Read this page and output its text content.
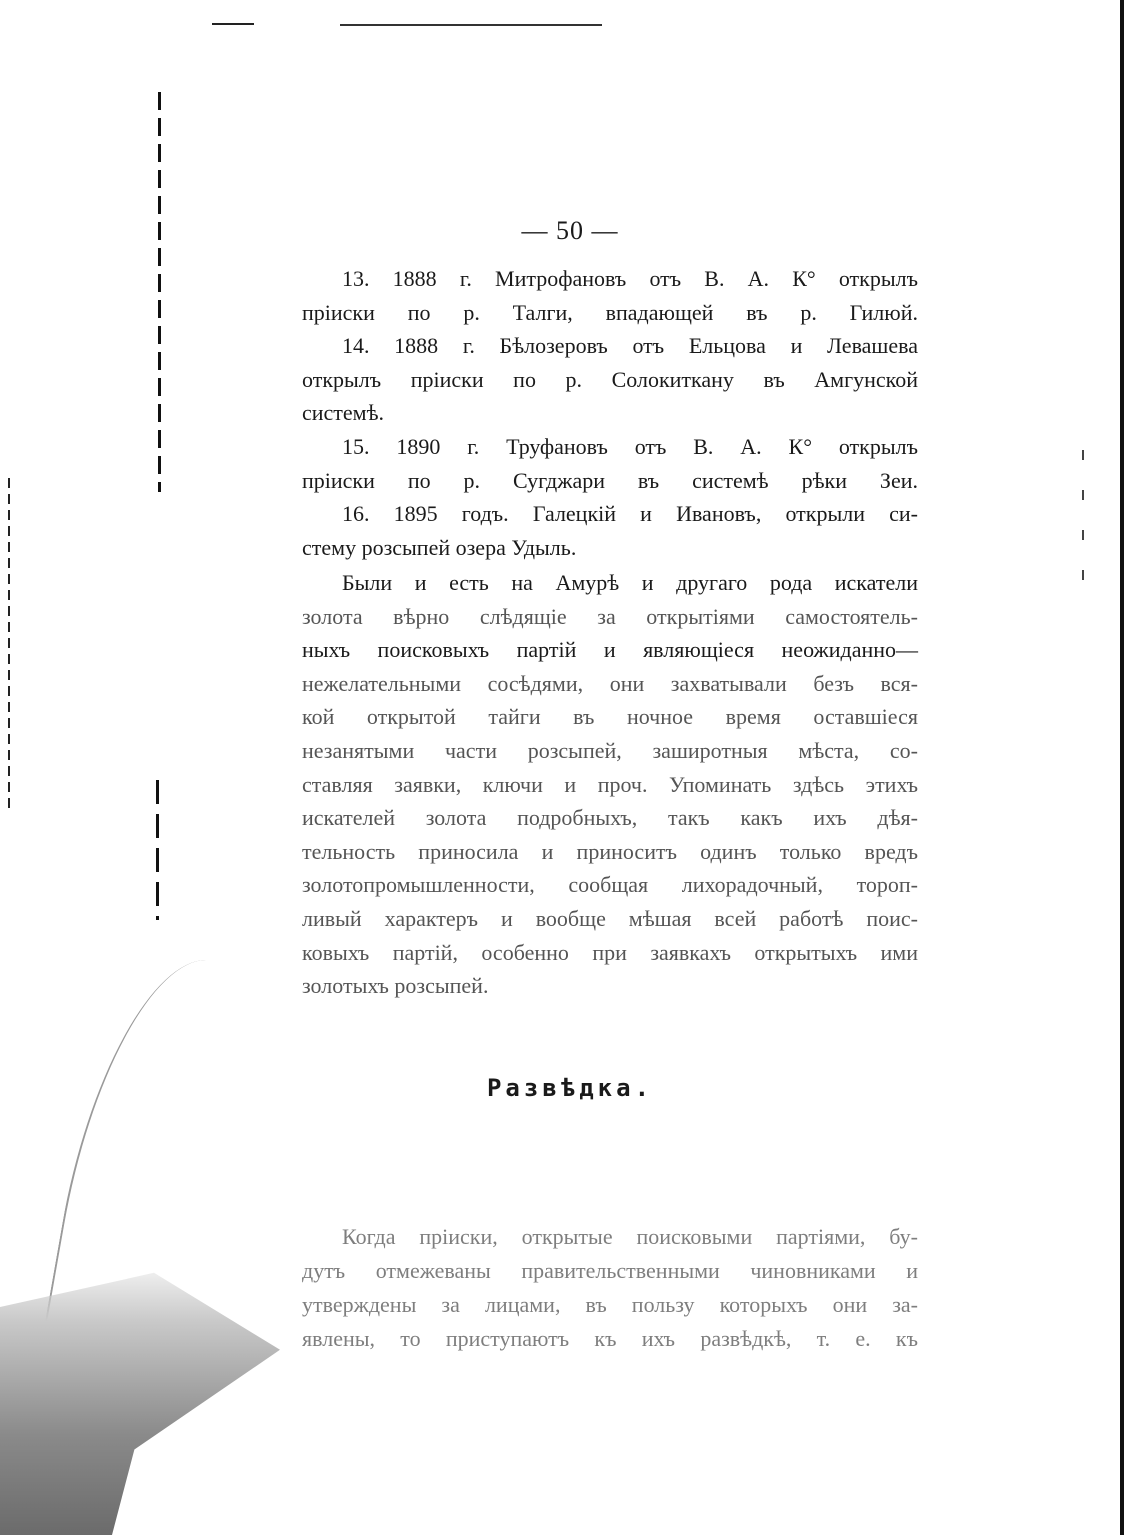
— 50 —
13. 1888 г. Митрофановъ отъ В. А. К° открылъ
пріиски по р. Талги, впадающей въ р. Гилюй.
14. 1888 г. Бѣлозеровъ отъ Ельцова и Левашева
открылъ пріиски по р. Солокиткану въ Амгунской
системѣ.
15. 1890 г. Труфановъ отъ В. А. К° открылъ
пріиски по р. Сугджари въ системѣ рѣки Зеи.
16. 1895 годъ. Галецкій и Ивановъ, открыли си-
стему розсыпей озера Удыль.
Были и есть на Амурѣ и другаго рода искатели
золота вѣрно слѣдящіе за открытіями самостоятель-
ныхъ поисковыхъ партій и являющіеся неожиданно—
нежелательными сосѣдями, они захватывали безъ вся-
кой открытой тайги въ ночное время оставшіеся
незанятыми части розсыпей, заширотныя мѣста, со-
ставляя заявки, ключи и проч. Упоминать здѣсь этихъ
искателей золота подробныхъ, такъ какъ ихъ дѣя-
тельность приносила и приноситъ одинъ только вредъ
золотопромышленности, сообщая лихорадочный, тороп-
ливый характеръ и вообще мѣшая всей работѣ поис-
ковыхъ партій, особенно при заявкахъ открытыхъ ими
золотыхъ розсыпей.
Развѣдка.
Когда пріиски, открытые поисковыми партіями, бу-
дутъ отмежеваны правительственными чиновниками и
утверждены за лицами, въ пользу которыхъ они за-
явлены, то приступаютъ къ ихъ развѣдкѣ, т. е. къ
